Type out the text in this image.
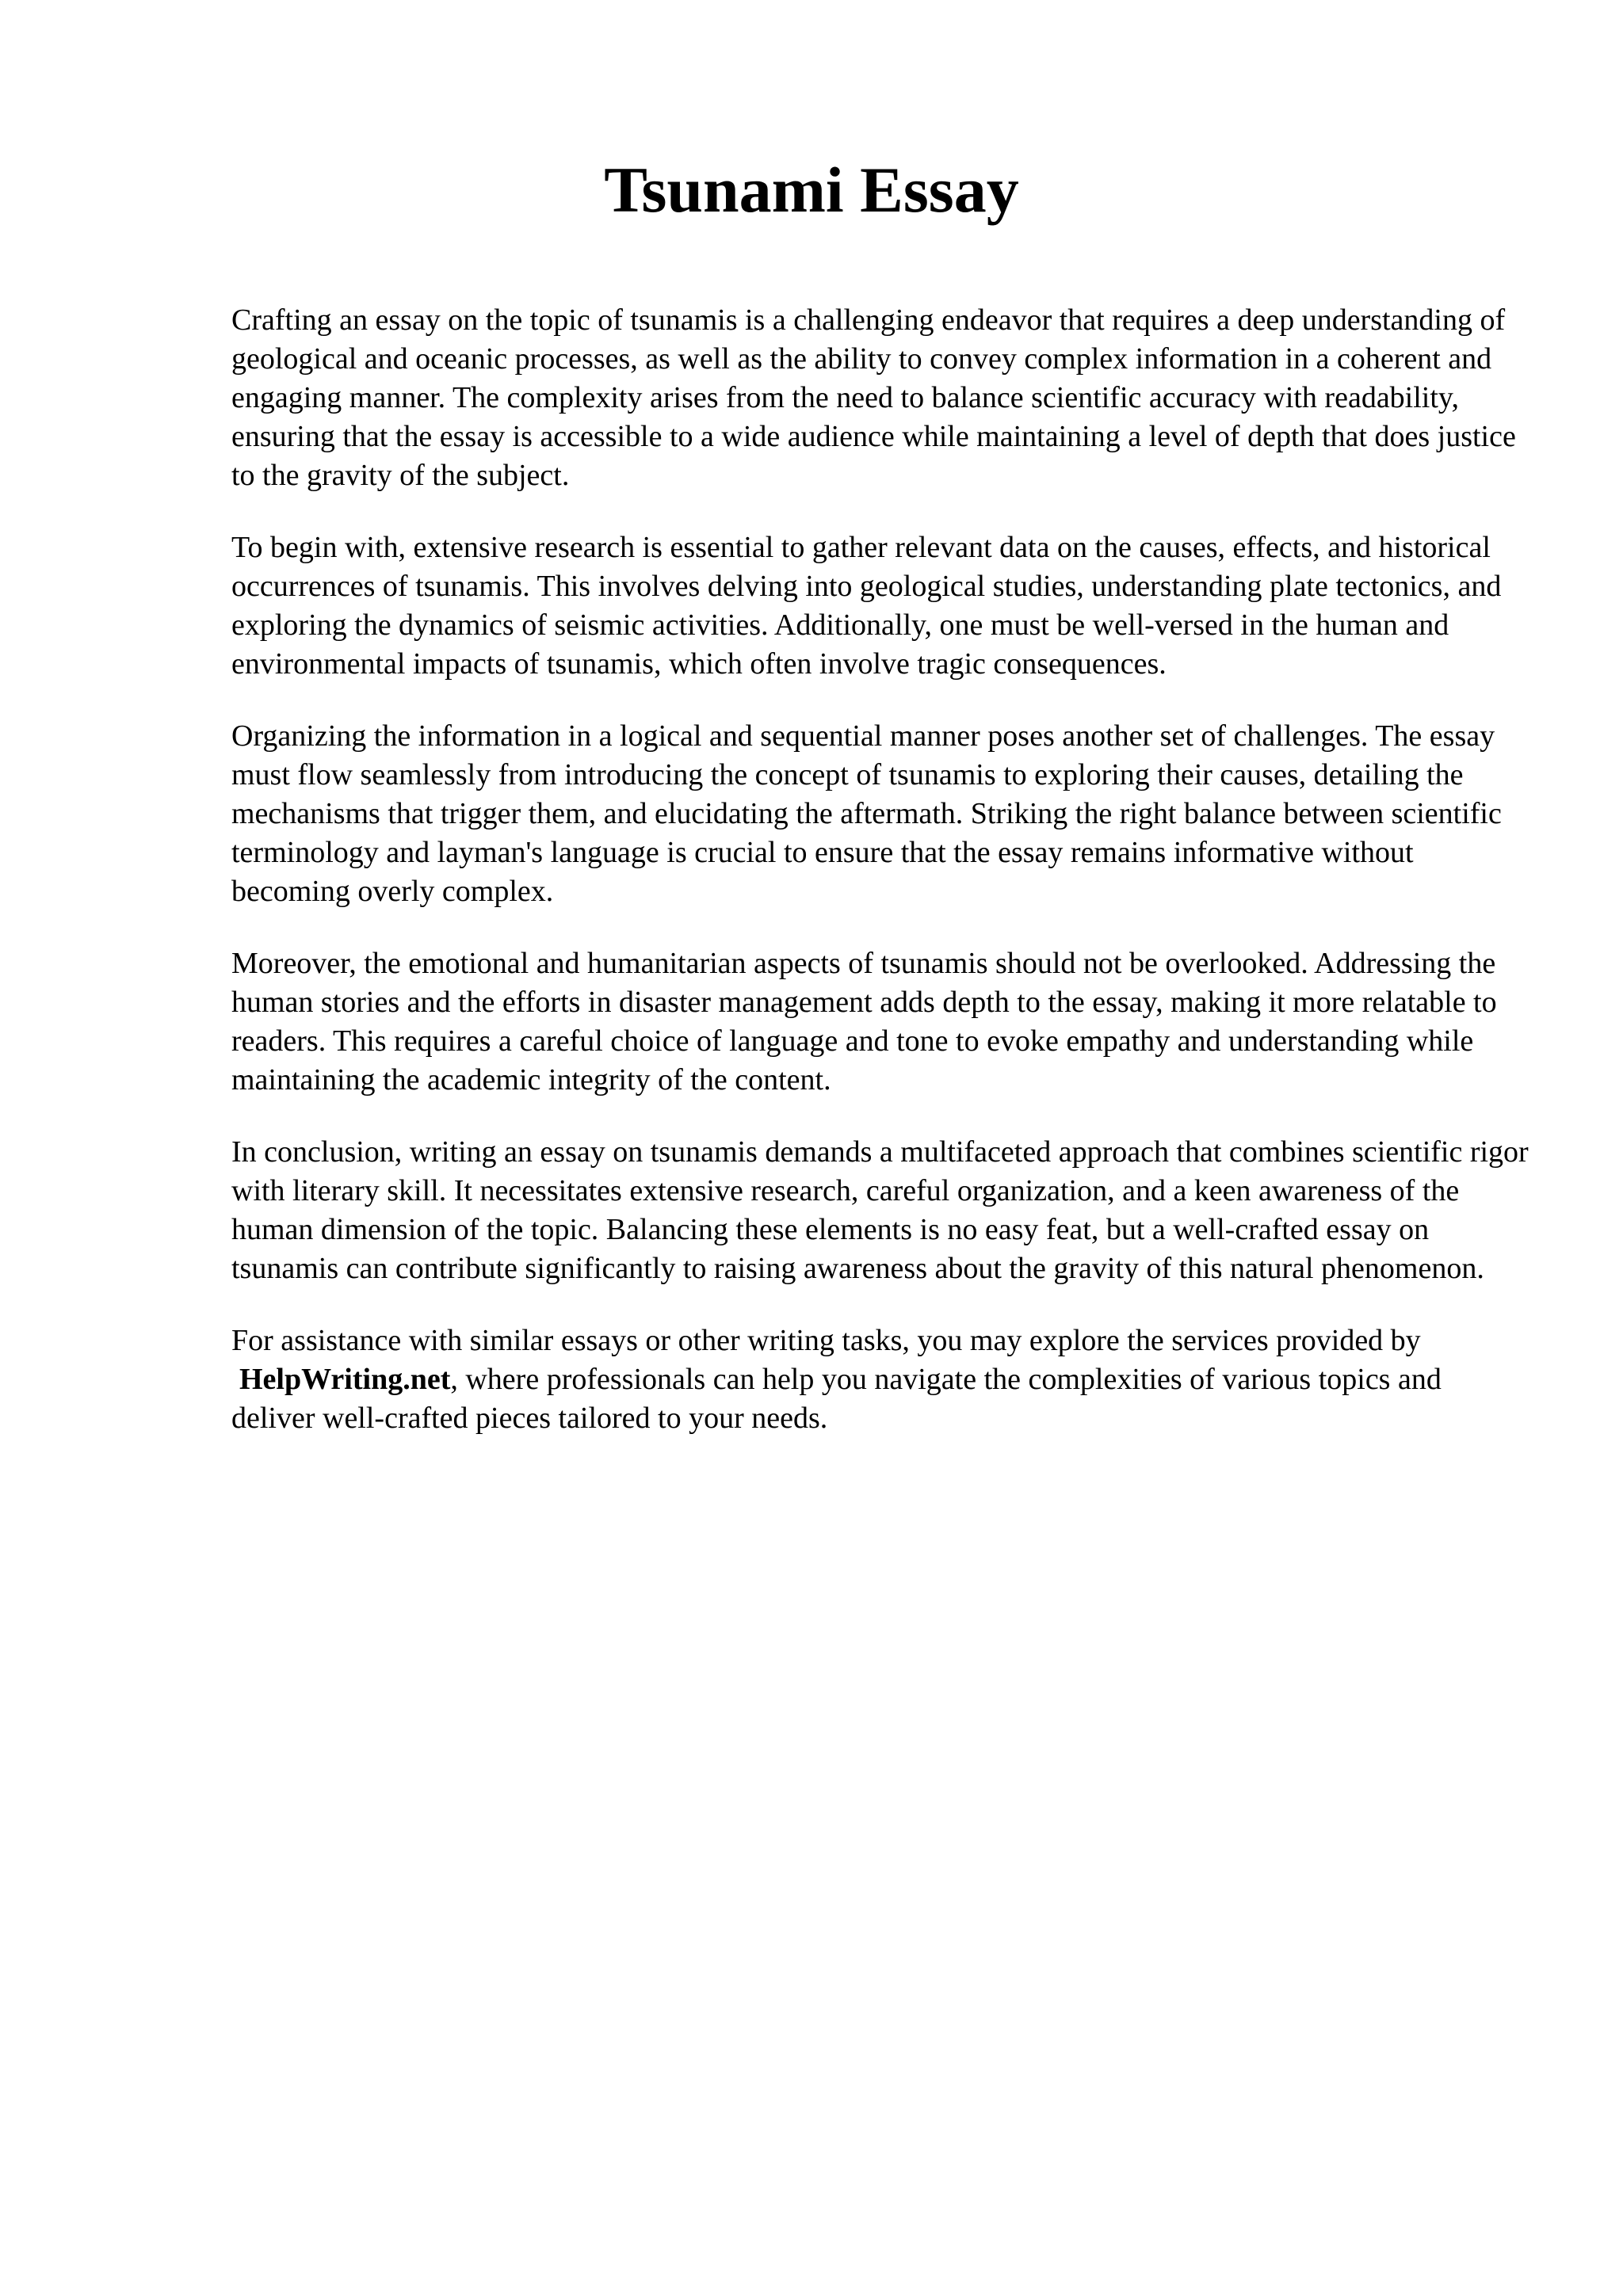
Tsunami Essay

Crafting an essay on the topic of tsunamis is a challenging endeavor that requires a deep understanding of geological and oceanic processes, as well as the ability to convey complex information in a coherent and engaging manner. The complexity arises from the need to balance scientific accuracy with readability, ensuring that the essay is accessible to a wide audience while maintaining a level of depth that does justice to the gravity of the subject.

To begin with, extensive research is essential to gather relevant data on the causes, effects, and historical occurrences of tsunamis. This involves delving into geological studies, understanding plate tectonics, and exploring the dynamics of seismic activities. Additionally, one must be well-versed in the human and environmental impacts of tsunamis, which often involve tragic consequences.

Organizing the information in a logical and sequential manner poses another set of challenges. The essay must flow seamlessly from introducing the concept of tsunamis to exploring their causes, detailing the mechanisms that trigger them, and elucidating the aftermath. Striking the right balance between scientific terminology and layman's language is crucial to ensure that the essay remains informative without becoming overly complex.

Moreover, the emotional and humanitarian aspects of tsunamis should not be overlooked. Addressing the human stories and the efforts in disaster management adds depth to the essay, making it more relatable to readers. This requires a careful choice of language and tone to evoke empathy and understanding while maintaining the academic integrity of the content.

In conclusion, writing an essay on tsunamis demands a multifaceted approach that combines scientific rigor with literary skill. It necessitates extensive research, careful organization, and a keen awareness of the human dimension of the topic. Balancing these elements is no easy feat, but a well-crafted essay on tsunamis can contribute significantly to raising awareness about the gravity of this natural phenomenon.

For assistance with similar essays or other writing tasks, you may explore the services provided by HelpWriting.net, where professionals can help you navigate the complexities of various topics and deliver well-crafted pieces tailored to your needs.
